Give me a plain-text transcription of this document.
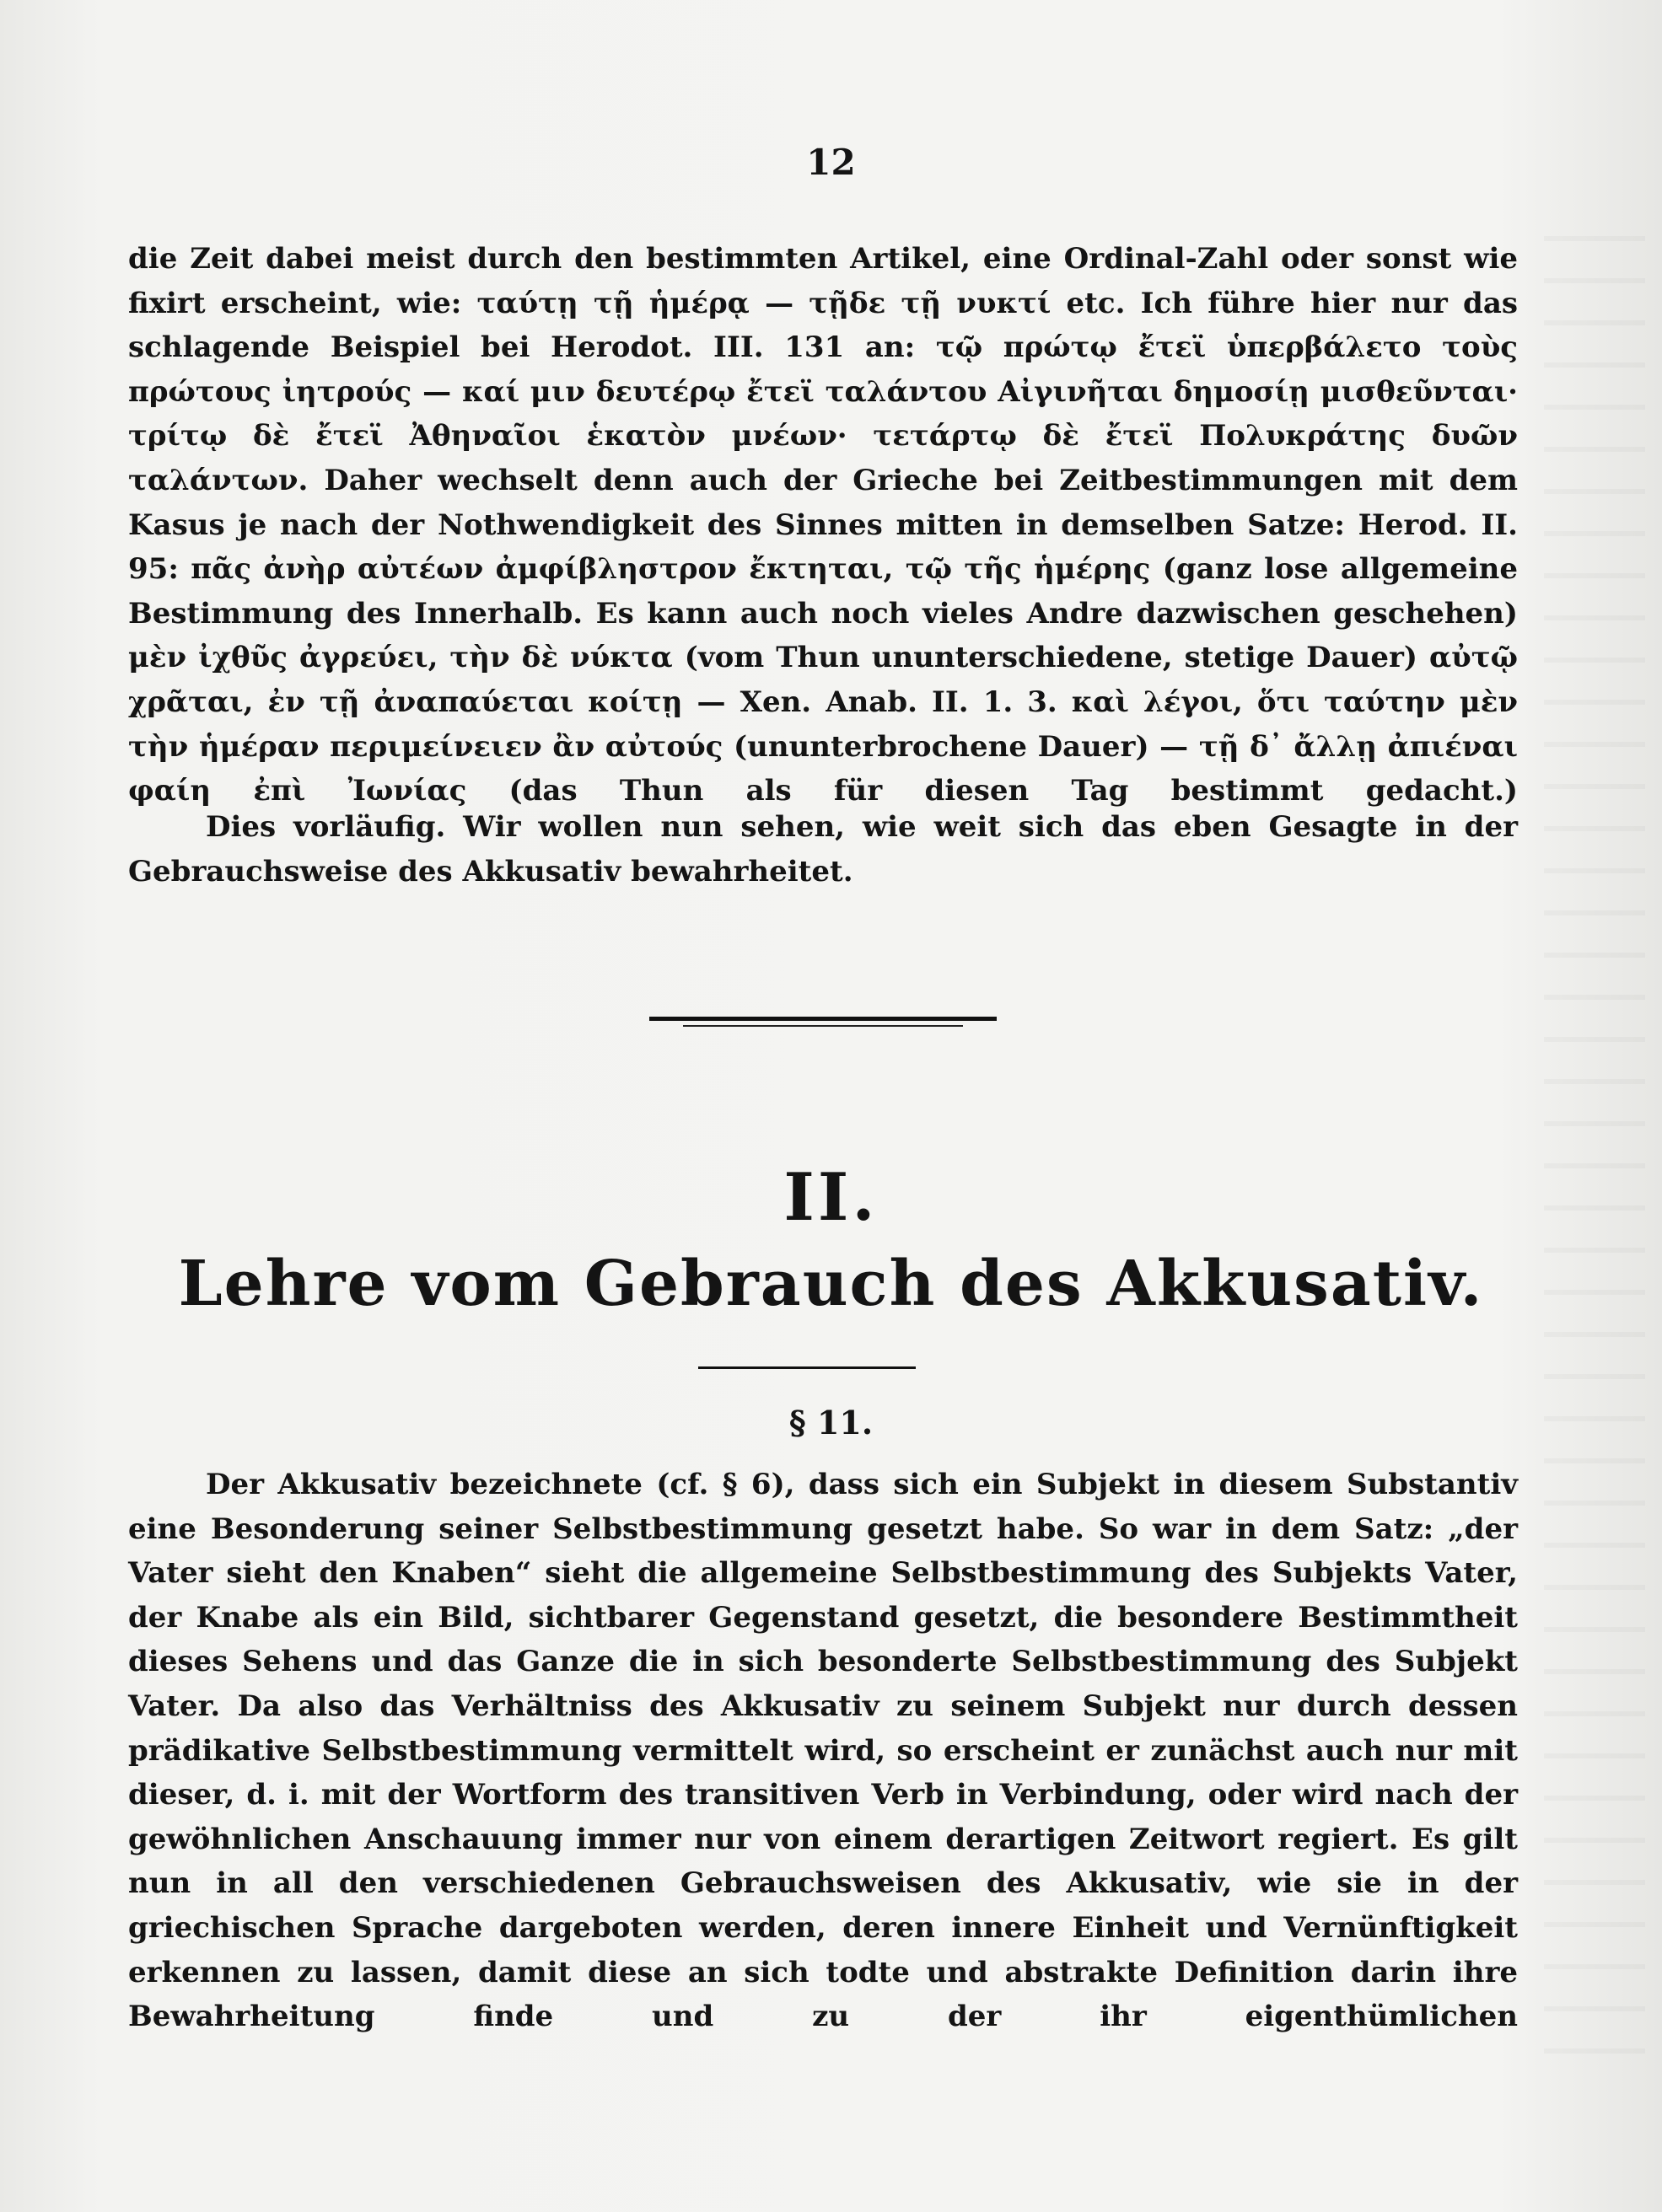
12
die Zeit dabei meist durch den bestimmten Artikel, eine Ordinal-Zahl oder sonst wie fixirt erscheint, wie: ταύτῃ τῇ ἡμέρᾳ — τῇδε τῇ νυκτί etc. Ich führe hier nur das schlagende Beispiel bei Herodot. III. 131 an: τῷ πρώτῳ ἔτεϊ ὑπερβάλετο τοὺς πρώτους ἰητρούς — καί μιν δευτέρῳ ἔτεϊ ταλάντου Αἰγινῆται δημοσίῃ μισθεῦνται· τρίτῳ δὲ ἔτεϊ Ἀθηναῖοι ἑκατὸν μνέων· τετάρτῳ δὲ ἔτεϊ Πολυκράτης δυῶν ταλάντων. Daher wechselt denn auch der Grieche bei Zeitbestimmungen mit dem Kasus je nach der Nothwendigkeit des Sinnes mitten in demselben Satze: Herod. II. 95: πᾶς ἀνὴρ αὐτέων ἀμφίβληστρον ἔκτηται, τῷ τῆς ἡμέρης (ganz lose allgemeine Bestimmung des Innerhalb. Es kann auch noch vieles Andre dazwischen geschehen) μὲν ἰχθῦς ἀγρεύει, τὴν δὲ νύκτα (vom Thun ununterschiedene, stetige Dauer) αὐτῷ χρᾶται, ἐν τῇ ἀναπαύεται κοίτῃ — Xen. Anab. II. 1. 3. καὶ λέγοι, ὅτι ταύτην μὲν τὴν ἡμέραν περιμείνειεν ἂν αὐτούς (ununterbrochene Dauer) — τῇ δ᾽ ἄλλῃ ἀπιέναι φαίη ἐπὶ Ἰωνίας (das Thun als für diesen Tag bestimmt gedacht.)
Dies vorläufig. Wir wollen nun sehen, wie weit sich das eben Gesagte in der Gebrauchsweise des Akkusativ bewahrheitet.
II.
Lehre vom Gebrauch des Akkusativ.
§ 11.
Der Akkusativ bezeichnete (cf. § 6), dass sich ein Subjekt in diesem Substantiv eine Besonderung seiner Selbstbestimmung gesetzt habe. So war in dem Satz: „der Vater sieht den Knaben“ sieht die allgemeine Selbstbestimmung des Subjekts Vater, der Knabe als ein Bild, sichtbarer Gegenstand gesetzt, die besondere Bestimmtheit dieses Sehens und das Ganze die in sich besonderte Selbstbestimmung des Subjekt Vater. Da also das Verhältniss des Akkusativ zu seinem Subjekt nur durch dessen prädikative Selbstbestimmung vermittelt wird, so erscheint er zunächst auch nur mit dieser, d. i. mit der Wortform des transitiven Verb in Verbindung, oder wird nach der gewöhnlichen Anschauung immer nur von einem derartigen Zeitwort regiert. Es gilt nun in all den verschiedenen Gebrauchsweisen des Akkusativ, wie sie in der griechischen Sprache dargeboten werden, deren innere Einheit und Vernünftigkeit erkennen zu lassen, damit diese an sich todte und abstrakte Definition darin ihre Bewahrheitung finde und zu der ihr eigenthümlichen
